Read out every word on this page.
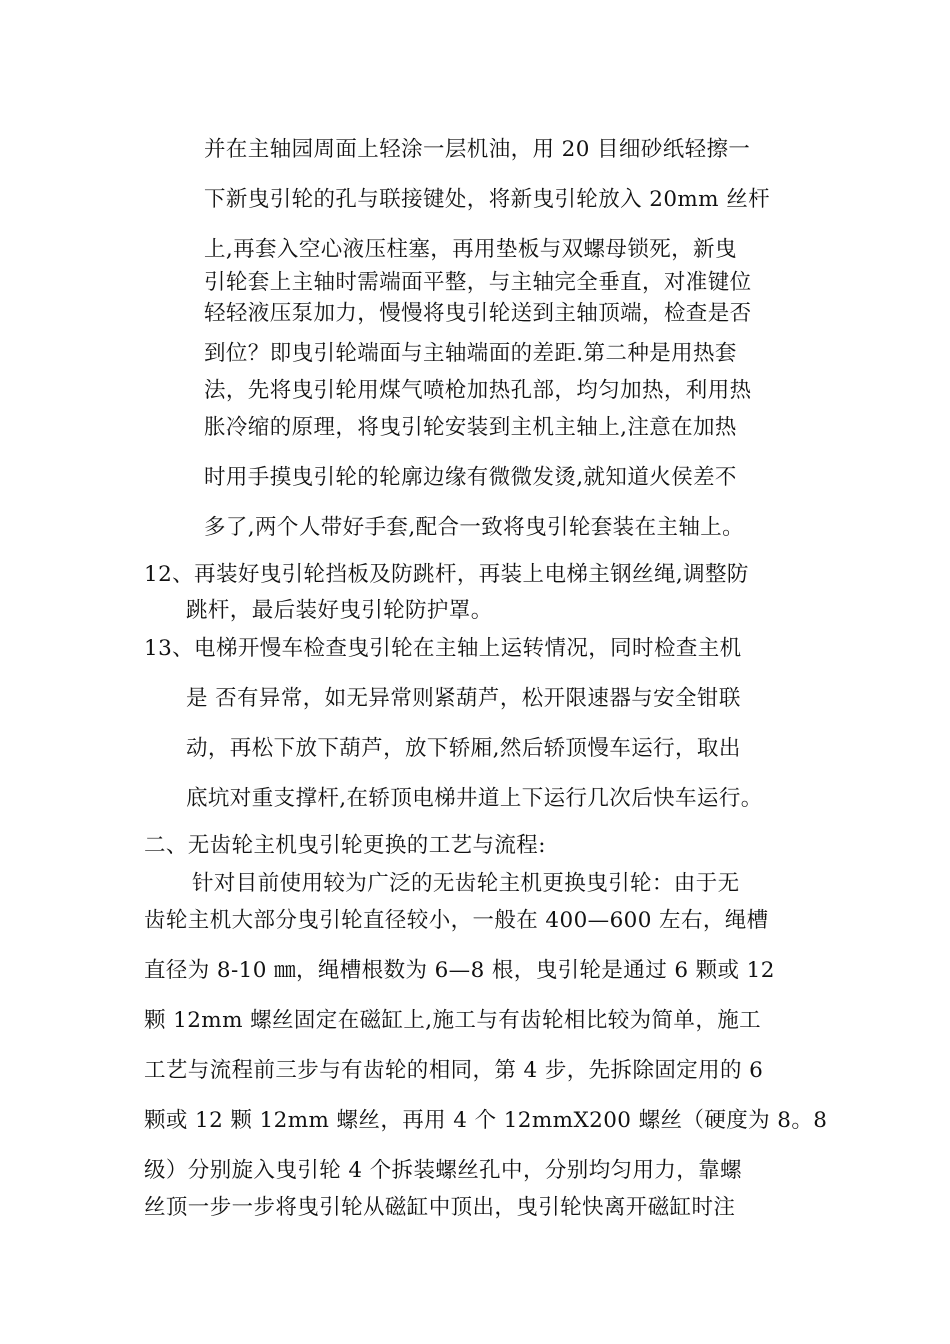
并在主轴园周面上轻涂一层机油，用 20 目细砂纸轻擦一
下新曳引轮的孔与联接键处，将新曳引轮放入 20mm 丝杆
上,再套入空心液压柱塞，再用垫板与双螺母锁死，新曳
引轮套上主轴时需端面平整，与主轴完全垂直，对准键位
轻轻液压泵加力，慢慢将曳引轮送到主轴顶端，检查是否
到位？即曳引轮端面与主轴端面的差距.第二种是用热套
法，先将曳引轮用煤气喷枪加热孔部，均匀加热，利用热
胀冷缩的原理，将曳引轮安装到主机主轴上,注意在加热
时用手摸曳引轮的轮廓边缘有微微发烫,就知道火侯差不
多了,两个人带好手套,配合一致将曳引轮套装在主轴上。
12、再装好曳引轮挡板及防跳杆，再装上电梯主钢丝绳,调整防
跳杆，最后装好曳引轮防护罩。
13、电梯开慢车检查曳引轮在主轴上运转情况，同时检查主机
是 否有异常，如无异常则紧葫芦，松开限速器与安全钳联
动，再松下放下葫芦，放下轿厢,然后轿顶慢车运行，取出
底坑对重支撑杆,在轿顶电梯井道上下运行几次后快车运行。
二、无齿轮主机曳引轮更换的工艺与流程:
针对目前使用较为广泛的无齿轮主机更换曳引轮：由于无
齿轮主机大部分曳引轮直径较小，一般在 400—600 左右，绳槽
直径为 8-10 ㎜，绳槽根数为 6—8 根，曳引轮是通过 6 颗或 12
颗 12mm 螺丝固定在磁缸上,施工与有齿轮相比较为简单，施工
工艺与流程前三步与有齿轮的相同，第 4 步，先拆除固定用的 6
颗或 12 颗 12mm 螺丝，再用 4 个 12mmX200 螺丝（硬度为 8。8
级）分别旋入曳引轮 4 个拆装螺丝孔中，分别均匀用力，靠螺
丝顶一步一步将曳引轮从磁缸中顶出，曳引轮快离开磁缸时注
